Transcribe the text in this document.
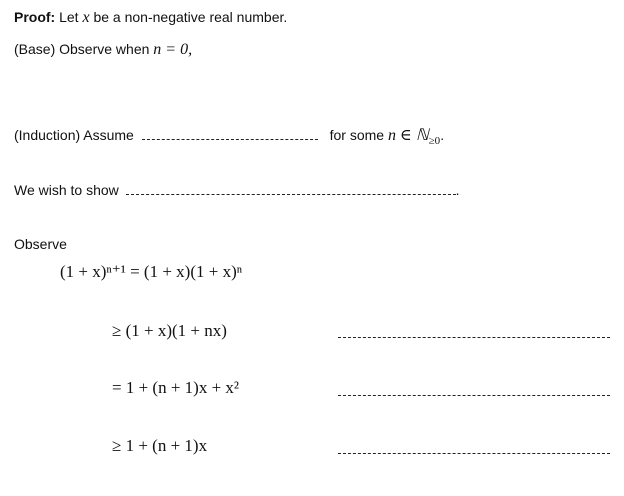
Proof: Let x be a non-negative real number.
(Base) Observe when n = 0,
(Induction) Assume	for some n ∈ ℕ$_{\ge 0}$.
We wish to show	.
Observe
(1 + x)ⁿ⁺¹ = (1 + x)(1 + x)ⁿ
≥ (1 + x)(1 + nx)
= 1 + (n + 1)x + x²
≥ 1 + (n + 1)x
